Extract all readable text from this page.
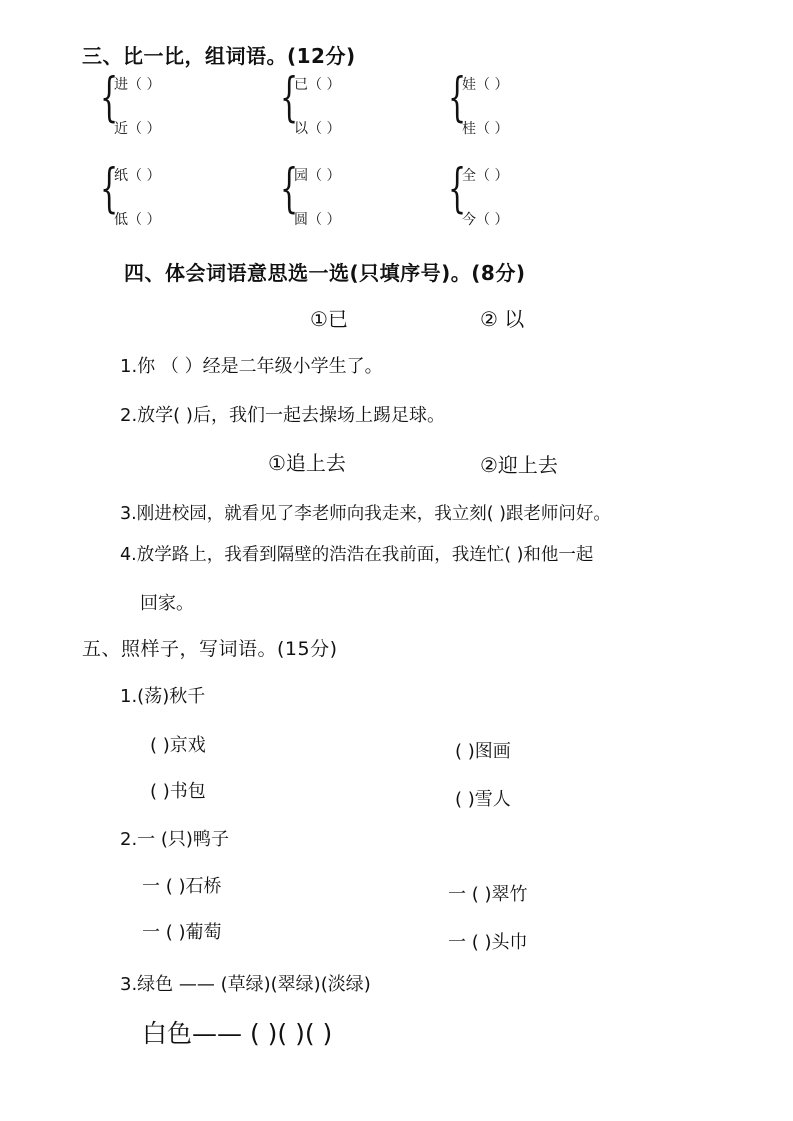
三、比一比，组词语。(12分)
{
进（ ）
近（ ）
{
已（ ）
以（ ）
{
娃（ ）
桂（ ）
{
纸（ ）
低（ ）
{
园（ ）
圆（ ）
{
全（ ）
今（ ）
四、体会词语意思选一选(只填序号)。(8分)
①已	② 以
1.你 （ ）经是二年级小学生了。
2.放学( )后，我们一起去操场上踢足球。
①追上去	②迎上去
3.刚进校园，就看见了李老师向我走来，我立刻( )跟老师问好。
4.放学路上，我看到隔壁的浩浩在我前面，我连忙( )和他一起
回家。
五、照样子，写词语。(15分)
1.(荡)秋千
( )京戏	( )图画
( )书包	( )雪人
2.一 (只)鸭子
一 ( )石桥	一 ( )翠竹
一 ( )葡萄	一 ( )头巾
3.绿色 —— (草绿)(翠绿)(淡绿)
白色—— ( )( )( )
